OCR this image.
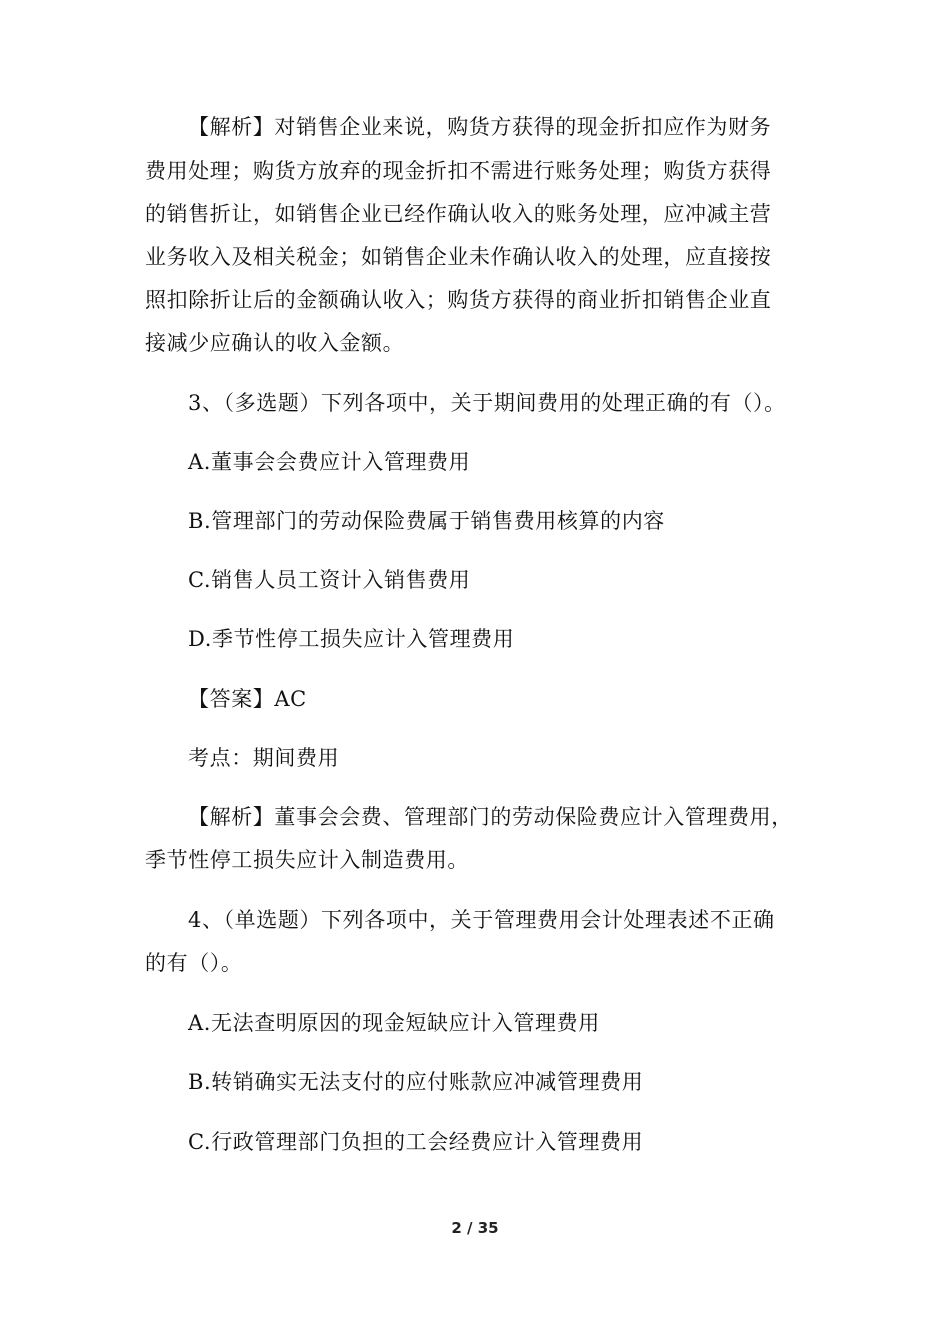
【解析】对销售企业来说，购货方获得的现金折扣应作为财务
费用处理；购货方放弃的现金折扣不需进行账务处理；购货方获得
的销售折让，如销售企业已经作确认收入的账务处理，应冲减主营
业务收入及相关税金；如销售企业未作确认收入的处理，应直接按
照扣除折让后的金额确认收入；购货方获得的商业折扣销售企业直
接减少应确认的收入金额。
3、（多选题）下列各项中，关于期间费用的处理正确的有（）。
A.董事会会费应计入管理费用
B.管理部门的劳动保险费属于销售费用核算的内容
C.销售人员工资计入销售费用
D.季节性停工损失应计入管理费用
【答案】AC
考点：期间费用
【解析】董事会会费、管理部门的劳动保险费应计入管理费用，
季节性停工损失应计入制造费用。
4、（单选题）下列各项中，关于管理费用会计处理表述不正确
的有（）。
A.无法查明原因的现金短缺应计入管理费用
B.转销确实无法支付的应付账款应冲减管理费用
C.行政管理部门负担的工会经费应计入管理费用
2 / 35
